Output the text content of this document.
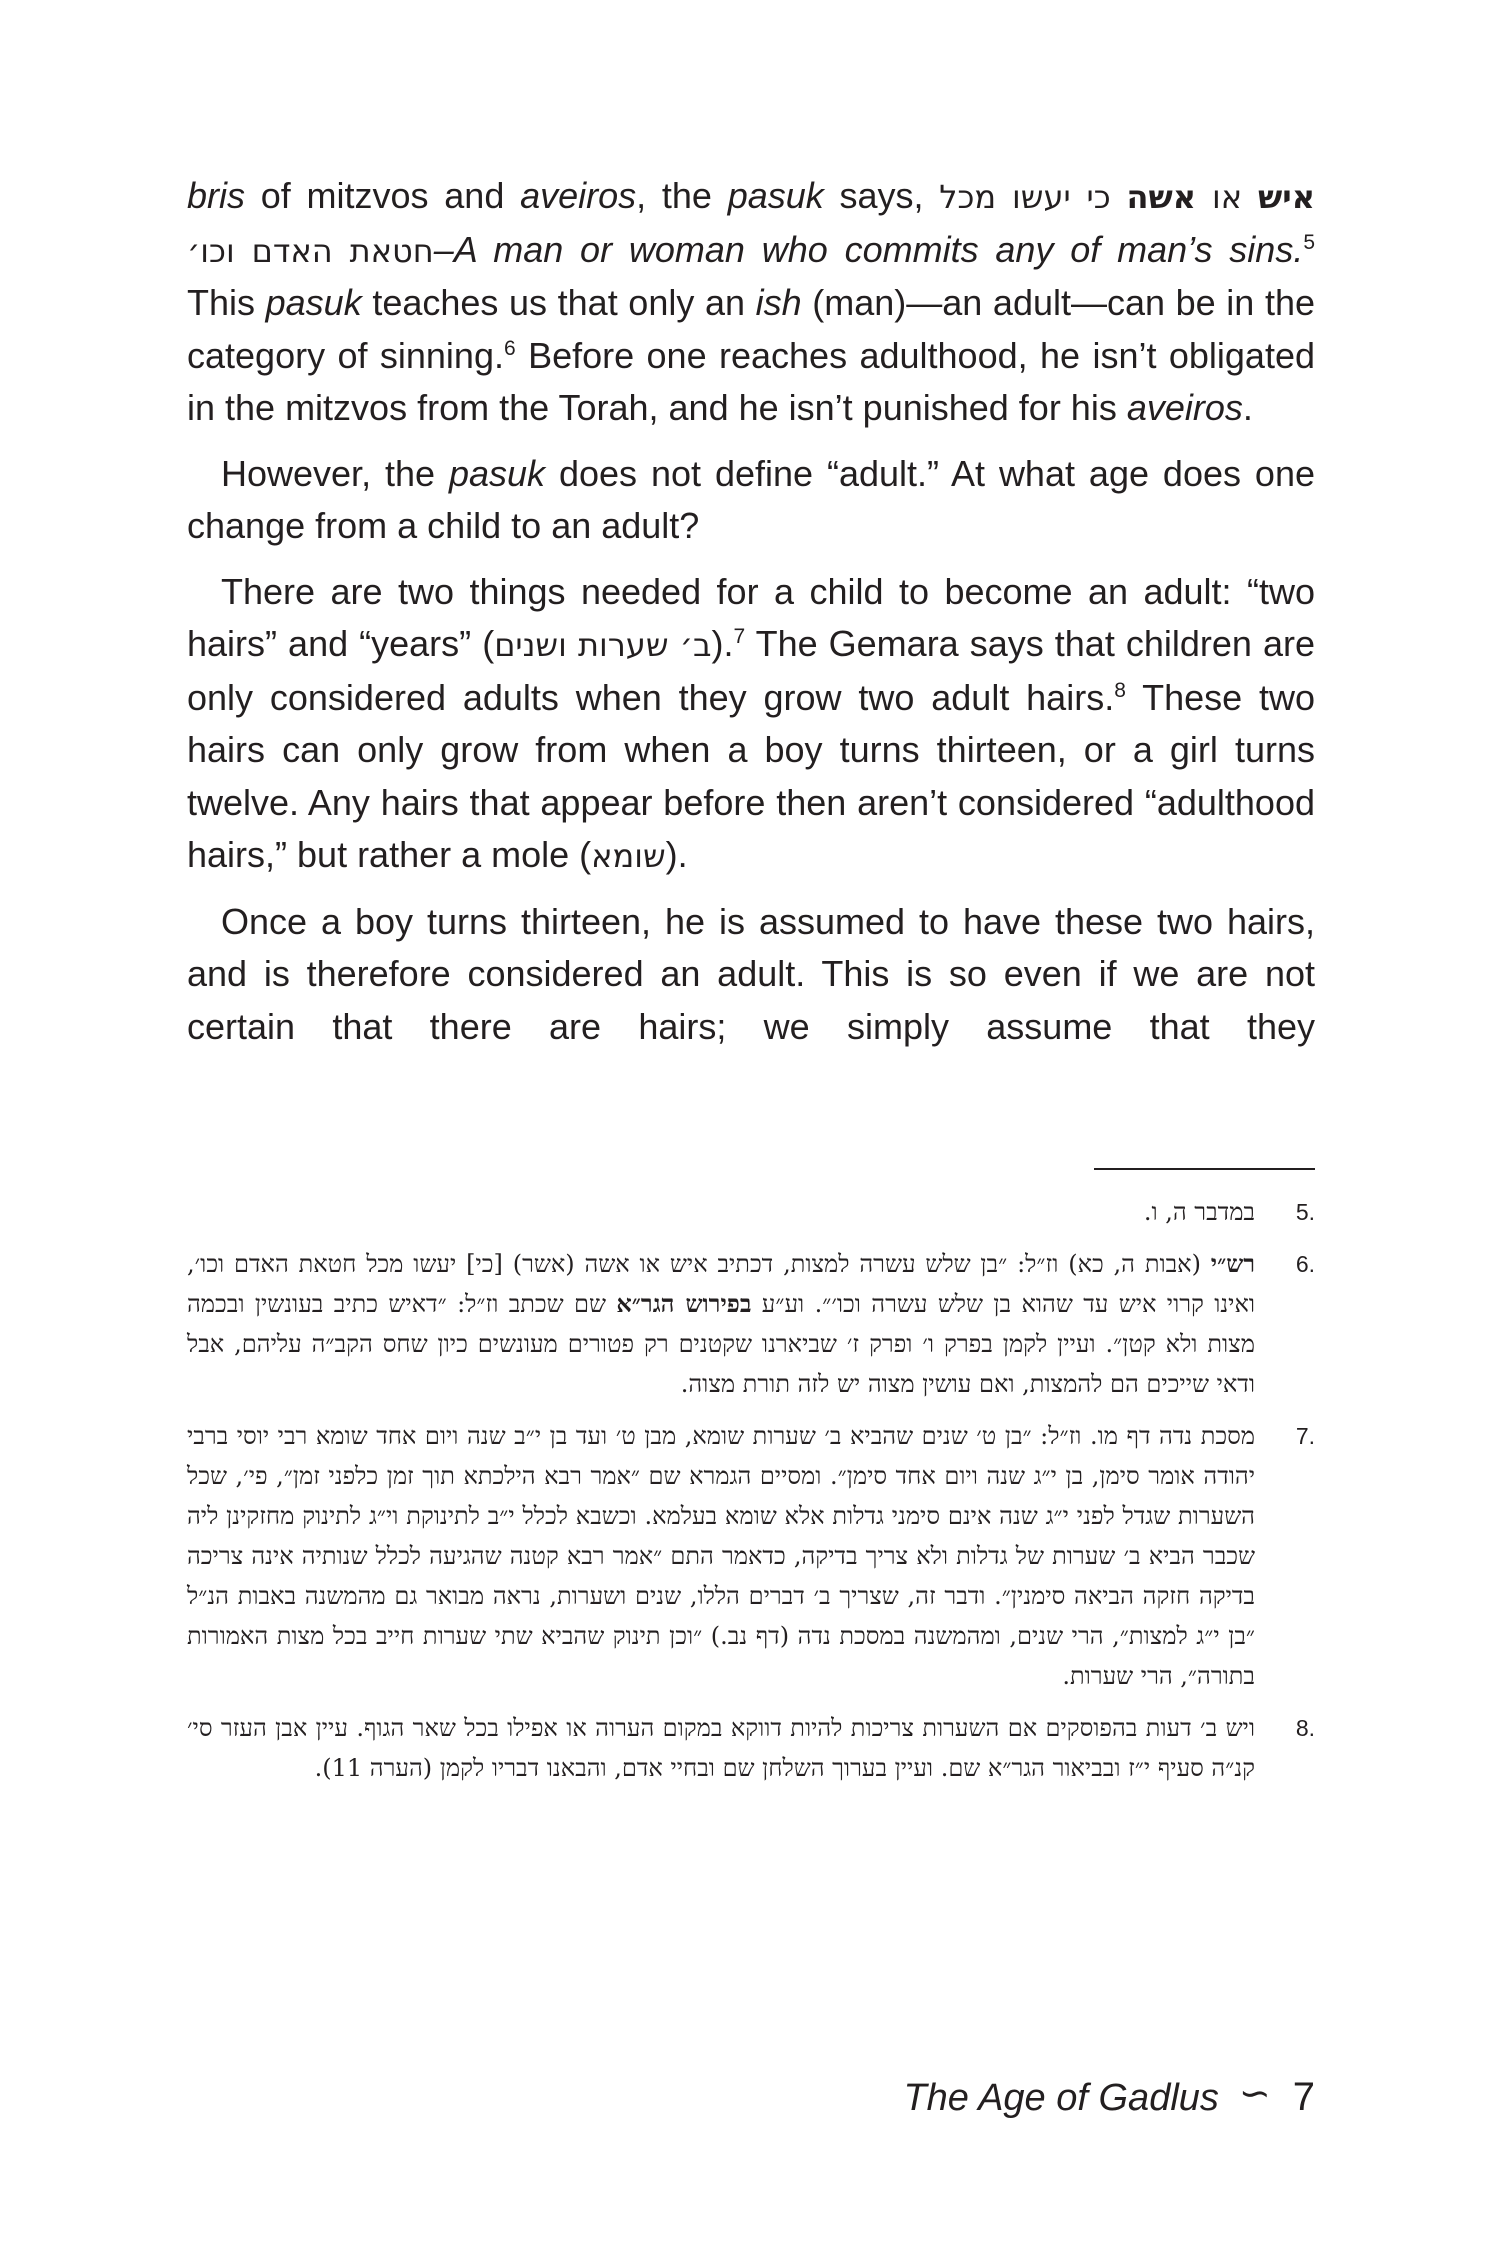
bris of mitzvos and aveiros, the pasuk says,	איש או אשה כי יעשו מכל חטאת האדם וכו׳–A man or woman who commits any of man’s sins.$^5$ This pasuk teaches us that only an ish (man)—an adult—can be in the category of sinning.$^6$ Before one reaches adulthood, he isn’t obligated in the mitzvos from the Torah, and he isn’t punished for his aveiros.

However, the pasuk does not define “adult.” At what age does one change from a child to an adult?

There are two things needed for a child to become an adult: “two hairs” and “years” (ב׳ שערות ושנים).$^7$ The Gemara says that children are only considered adults when they grow two adult hairs.$^8$ These two hairs can only grow from when a boy turns thirteen, or a girl turns twelve. Any hairs that appear before then aren’t considered “adulthood hairs,” but rather a mole (שומא).

Once a boy turns thirteen, he is assumed to have these two hairs, and is therefore considered an adult. This is so even if we are not certain that there are hairs; we simply assume that they

במדבר ה, ו.	5.
רש״י (אבות ה, כא) וז״ל: ״בן שלש עשרה למצות, דכתיב איש או אשה (אשר) [כי] יעשו מכל חטאת האדם וכו׳, ואינו קרוי איש עד שהוא בן שלש עשרה וכו׳״. וע״ע בפירוש הגר״א שם שכתב וז״ל: ״דאיש כתיב בעונשין ובכמה מצות ולא קטן״. ועיין לקמן בפרק ו׳ ופרק ז׳ שביארנו שקטנים רק פטורים מעונשים כיון שחס הקב״ה עליהם, אבל ודאי שייכים הם להמצות, ואם עושין מצוה יש לזה תורת מצוה.
6.
מסכת נדה דף מו. וז״ל: ״בן ט׳ שנים שהביא ב׳ שערות שומא, מבן ט׳ ועד בן י״ב שנה ויום אחד שומא רבי יוסי ברבי יהודה אומר סימן, בן י״ג שנה ויום אחד סימן״. ומסיים הגמרא שם ״אמר רבא הילכתא תוך זמן כלפני זמן״, פי׳, שכל השערות שגדל לפני י״ג שנה אינם סימני גדלות אלא שומא בעלמא. וכשבא לכלל י״ב לתינוקת וי״ג לתינוק מחזקינן ליה שכבר הביא ב׳ שערות של גדלות ולא צריך בדיקה, כדאמר התם ״אמר רבא קטנה שהגיעה לכלל שנותיה אינה צריכה בדיקה חזקה הביאה סימנין״. ודבר זה, שצריך ב׳ דברים הללו, שנים ושערות, נראה מבואר גם מהמשנה באבות הנ״ל ״בן י״ג למצות״, הרי שנים, ומהמשנה במסכת נדה (דף נב.) ״וכן תינוק שהביא שתי שערות חייב בכל מצות האמורות בתורה״, הרי שערות.
7.
ויש ב׳ דעות בהפוסקים אם השערות צריכות להיות דווקא במקום הערוה או אפילו בכל שאר הגוף. עיין אבן העזר סי׳ קנ״ה סעיף י״ז ובביאור הגר״א שם. ועיין בערוך השלחן שם ובחיי אדם, והבאנו דבריו לקמן (הערה 11).
8.
The Age of Gadlus ∽ 7
